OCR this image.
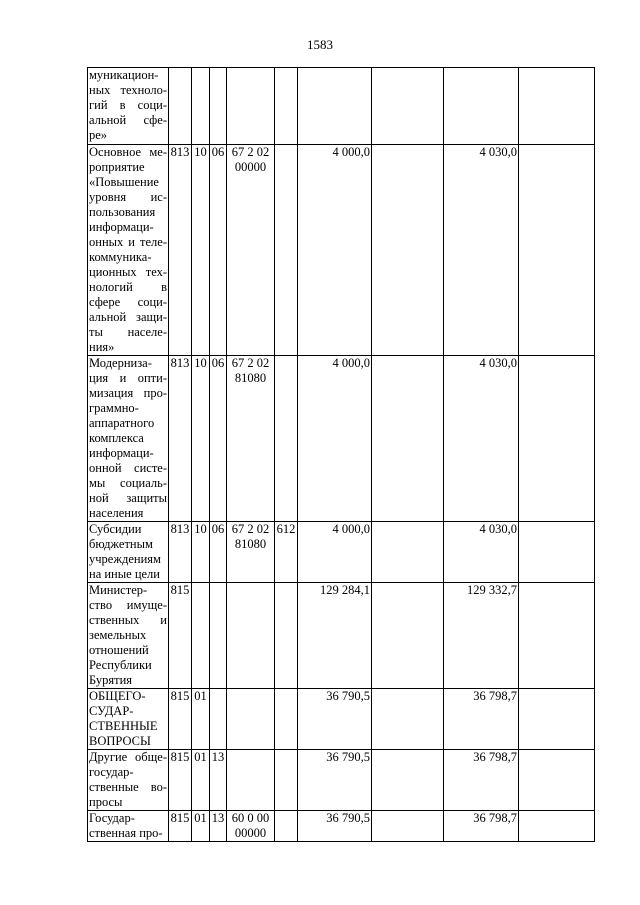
1583
муникацион-ных техноло-гий в соци-альной сфе-ре»									
Основное ме-роприятие «Повышение уровня ис-пользования информаци-онных и теле-коммуника-ционных тех-нологий в сфере соци-альной защи-ты населе-ния»	813	10	06	67 2 02 00000		4 000,0		4 030,0	
Модерниза-ция и опти-мизация про-граммно-аппаратного комплекса информаци-онной систе-мы социаль-ной защиты населения	813	10	06	67 2 02 81080		4 000,0		4 030,0	
Субсидии бюджетным учреждениям на иные цели	813	10	06	67 2 02 81080	612	4 000,0		4 030,0	
Министер-ство имуще-ственных и земельных отношений Республики Бурятия	815					129 284,1		129 332,7	
ОБЩЕГО-СУДАР-СТВЕННЫЕ ВОПРОСЫ	815	01				36 790,5		36 798,7	
Другие обще-государ-ственные во-просы	815	01	13			36 790,5		36 798,7	
Государ-ственная про-	815	01	13	60 0 00 00000		36 790,5		36 798,7	
